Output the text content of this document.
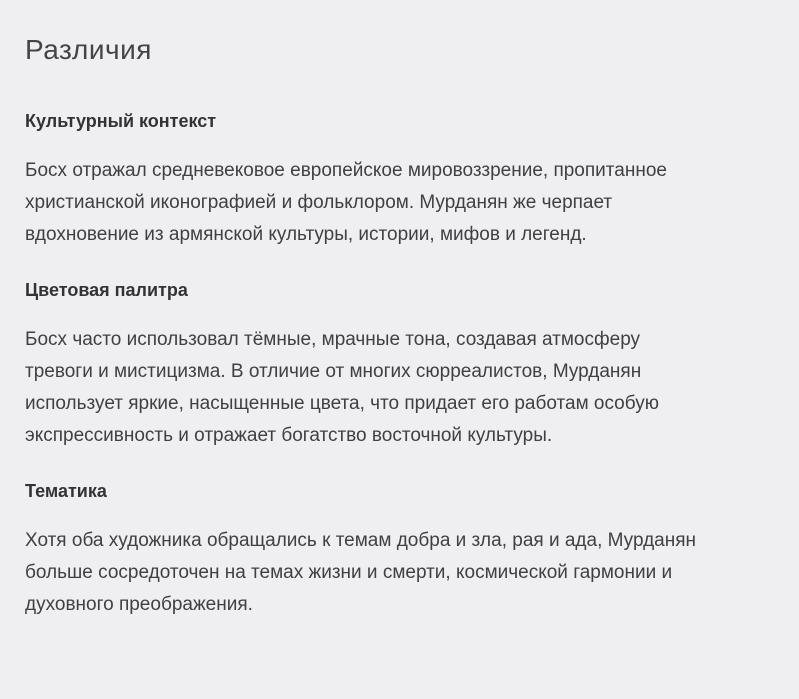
Различия
Культурный контекст

Босх отражал средневековое европейское мировоззрение, пропитанное
христианской иконографией и фольклором. Мурданян же черпает
вдохновение из армянской культуры, истории, мифов и легенд.

Цветовая палитра

Босх часто использовал тёмные, мрачные тона, создавая атмосферу
тревоги и мистицизма. В отличие от многих сюрреалистов, Мурданян
использует яркие, насыщенные цвета, что придает его работам особую
экспрессивность и отражает богатство восточной культуры.

Тематика

Хотя оба художника обращались к темам добра и зла, рая и ада, Мурданян
больше сосредоточен на темах жизни и смерти, космической гармонии и
духовного преображения.
